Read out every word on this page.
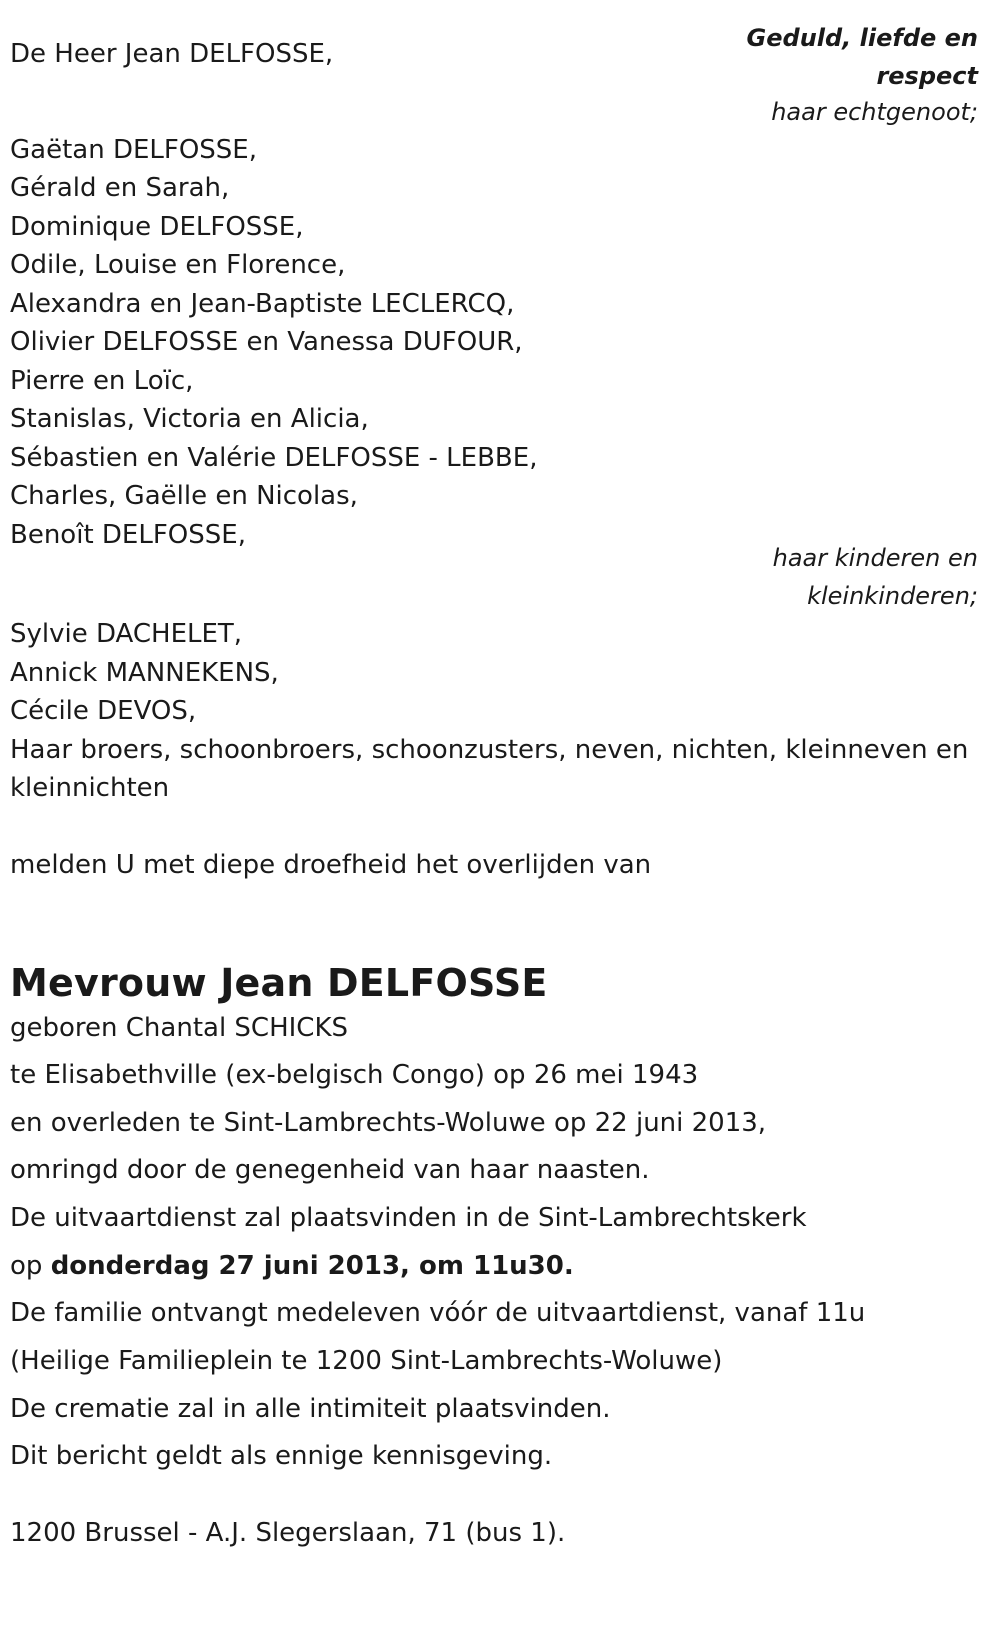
De Heer Jean DELFOSSE,
Geduld, liefde en
respect
haar echtgenoot;
Gaëtan DELFOSSE,
Gérald en Sarah,
Dominique DELFOSSE,
Odile, Louise en Florence,
Alexandra en Jean-Baptiste LECLERCQ,
Olivier DELFOSSE en Vanessa DUFOUR,
Pierre en Loïc,
Stanislas, Victoria en Alicia,
Sébastien en Valérie DELFOSSE - LEBBE,
Charles, Gaëlle en Nicolas,
Benoît DELFOSSE,
haar kinderen en
kleinkinderen;
Sylvie DACHELET,
Annick MANNEKENS,
Cécile DEVOS,
Haar broers, schoonbroers, schoonzusters, neven, nichten, kleinneven en
kleinnichten
melden U met diepe droefheid het overlijden van
Mevrouw Jean DELFOSSE
geboren Chantal SCHICKS
te Elisabethville (ex-belgisch Congo) op 26 mei 1943
en overleden te Sint-Lambrechts-Woluwe op 22 juni 2013,
omringd door de genegenheid van haar naasten.
De uitvaartdienst zal plaatsvinden in de Sint-Lambrechtskerk
op donderdag 27 juni 2013, om 11u30.
De familie ontvangt medeleven vóór de uitvaartdienst, vanaf 11u
(Heilige Familieplein te 1200 Sint-Lambrechts-Woluwe)
De crematie zal in alle intimiteit plaatsvinden.
Dit bericht geldt als ennige kennisgeving.
1200 Brussel - A.J. Slegerslaan, 71 (bus 1).
